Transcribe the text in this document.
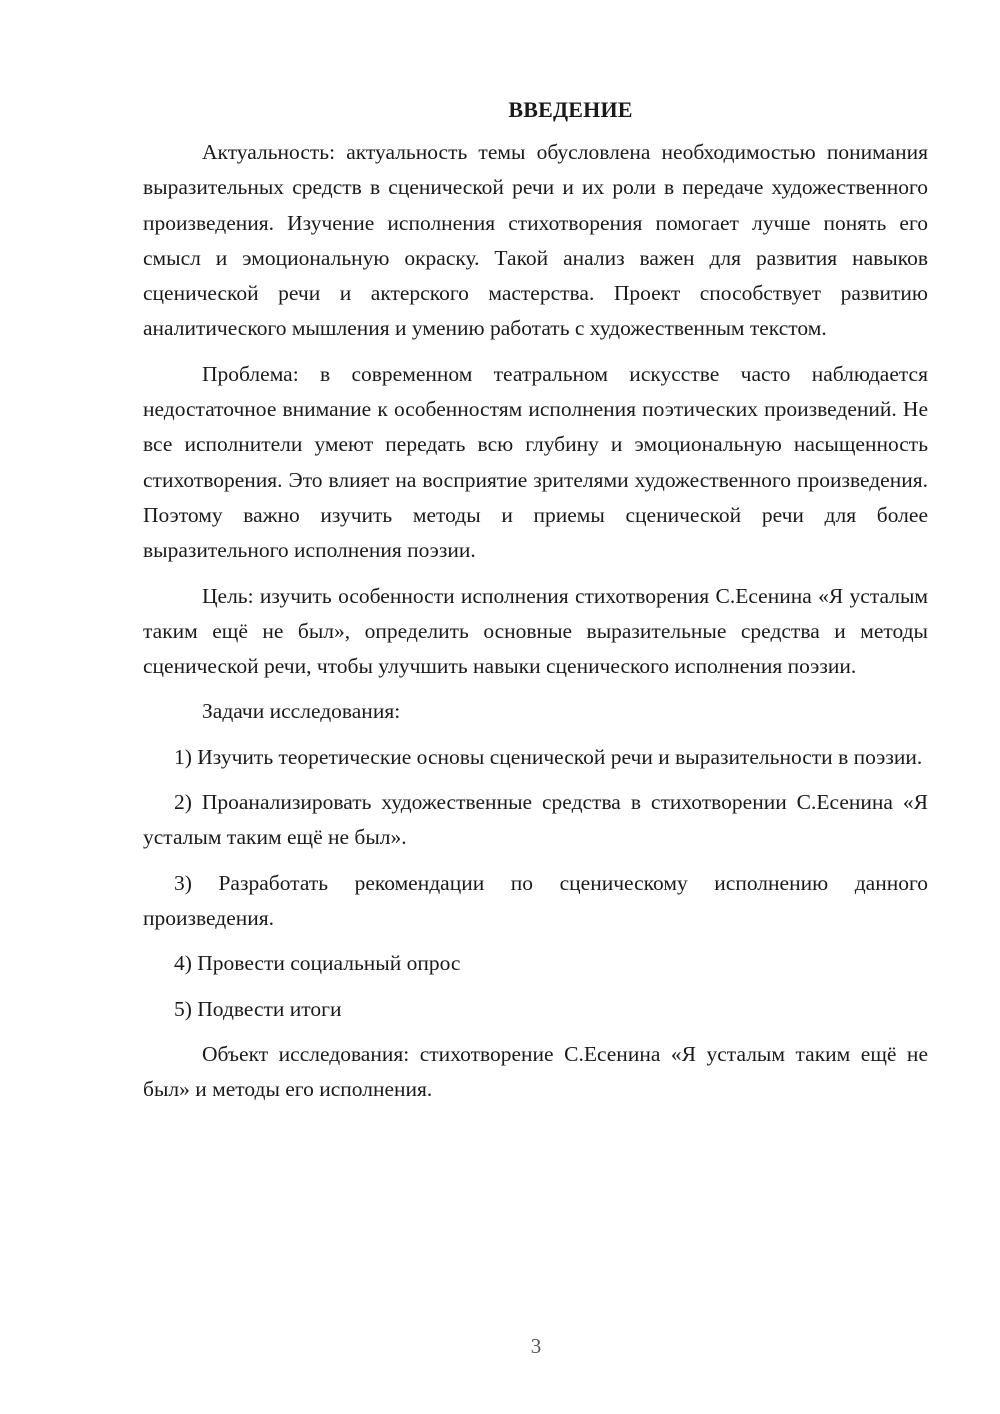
ВВЕДЕНИЕ

Актуальность: актуальность темы обусловлена необходимостью понимания выразительных средств в сценической речи и их роли в передаче художественного произведения. Изучение исполнения стихотворения помогает лучше понять его смысл и эмоциональную окраску. Такой анализ важен для развития навыков сценической речи и актерского мастерства. Проект способствует развитию аналитического мышления и умению работать с художественным текстом.

Проблема: в современном театральном искусстве часто наблюдается недостаточное внимание к особенностям исполнения поэтических произведений. Не все исполнители умеют передать всю глубину и эмоциональную насыщенность стихотворения. Это влияет на восприятие зрителями художественного произведения. Поэтому важно изучить методы и приемы сценической речи для более выразительного исполнения поэзии.

Цель: изучить особенности исполнения стихотворения С.Есенина «Я усталым таким ещё не был», определить основные выразительные средства и методы сценической речи, чтобы улучшить навыки сценического исполнения поэзии.

Задачи исследования:

1) Изучить теоретические основы сценической речи и выразительности в поэзии.

2) Проанализировать художественные средства в стихотворении С.Есенина «Я усталым таким ещё не был».

3) Разработать рекомендации по сценическому исполнению данного произведения.

4) Провести социальный опрос

5) Подвести итоги

Объект исследования: стихотворение С.Есенина «Я усталым таким ещё не был» и методы его исполнения.

3
